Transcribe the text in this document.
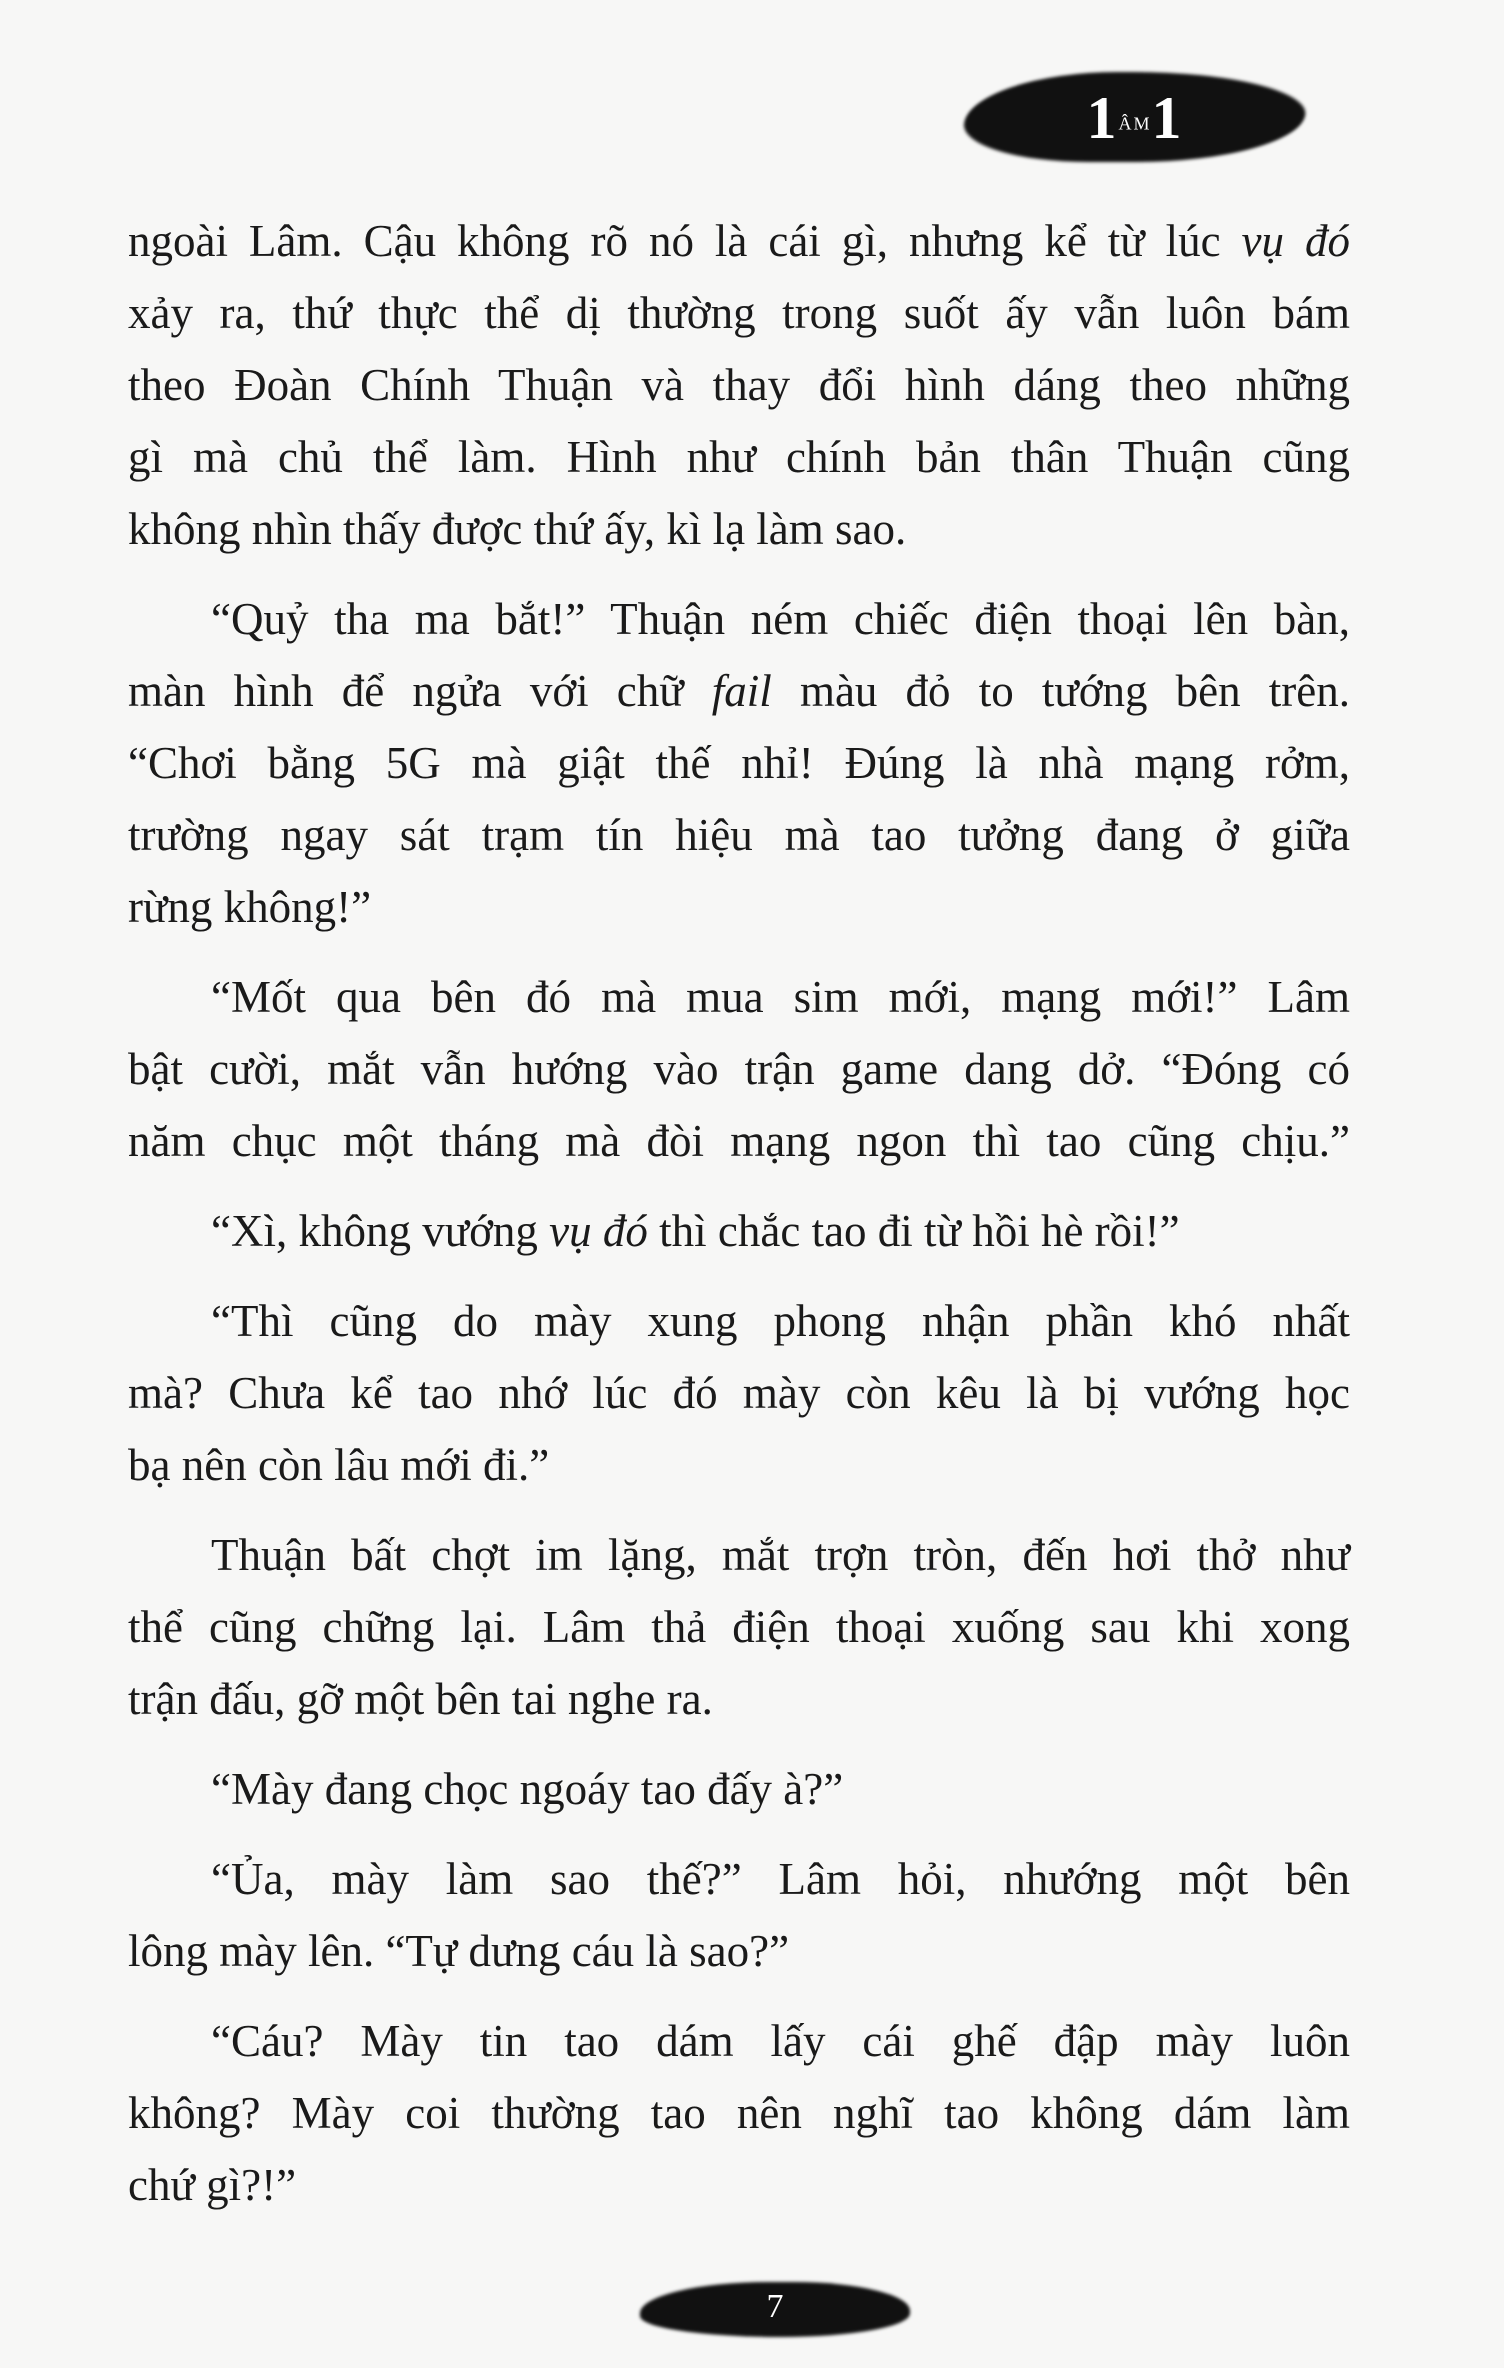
1ÂM1
ngoài Lâm. Cậu không rõ nó là cái gì, nhưng kể từ lúc vụ đó
xảy ra, thứ thực thể dị thường trong suốt ấy vẫn luôn bám
theo Đoàn Chính Thuận và thay đổi hình dáng theo những
gì mà chủ thể làm. Hình như chính bản thân Thuận cũng
không nhìn thấy được thứ ấy, kì lạ làm sao.
“Quỷ tha ma bắt!” Thuận ném chiếc điện thoại lên bàn,
màn hình để ngửa với chữ fail màu đỏ to tướng bên trên.
“Chơi bằng 5G mà giật thế nhỉ! Đúng là nhà mạng rởm,
trường ngay sát trạm tín hiệu mà tao tưởng đang ở giữa
rừng không!”
“Mốt qua bên đó mà mua sim mới, mạng mới!” Lâm
bật cười, mắt vẫn hướng vào trận game dang dở. “Đóng có
năm chục một tháng mà đòi mạng ngon thì tao cũng chịu.”
“Xì, không vướng vụ đó thì chắc tao đi từ hồi hè rồi!”
“Thì cũng do mày xung phong nhận phần khó nhất
mà? Chưa kể tao nhớ lúc đó mày còn kêu là bị vướng học
bạ nên còn lâu mới đi.”
Thuận bất chợt im lặng, mắt trợn tròn, đến hơi thở như
thể cũng chững lại. Lâm thả điện thoại xuống sau khi xong
trận đấu, gỡ một bên tai nghe ra.
“Mày đang chọc ngoáy tao đấy à?”
“Ủa, mày làm sao thế?” Lâm hỏi, nhướng một bên
lông mày lên. “Tự dưng cáu là sao?”
“Cáu? Mày tin tao dám lấy cái ghế đập mày luôn
không? Mày coi thường tao nên nghĩ tao không dám làm
chứ gì?!”
7
